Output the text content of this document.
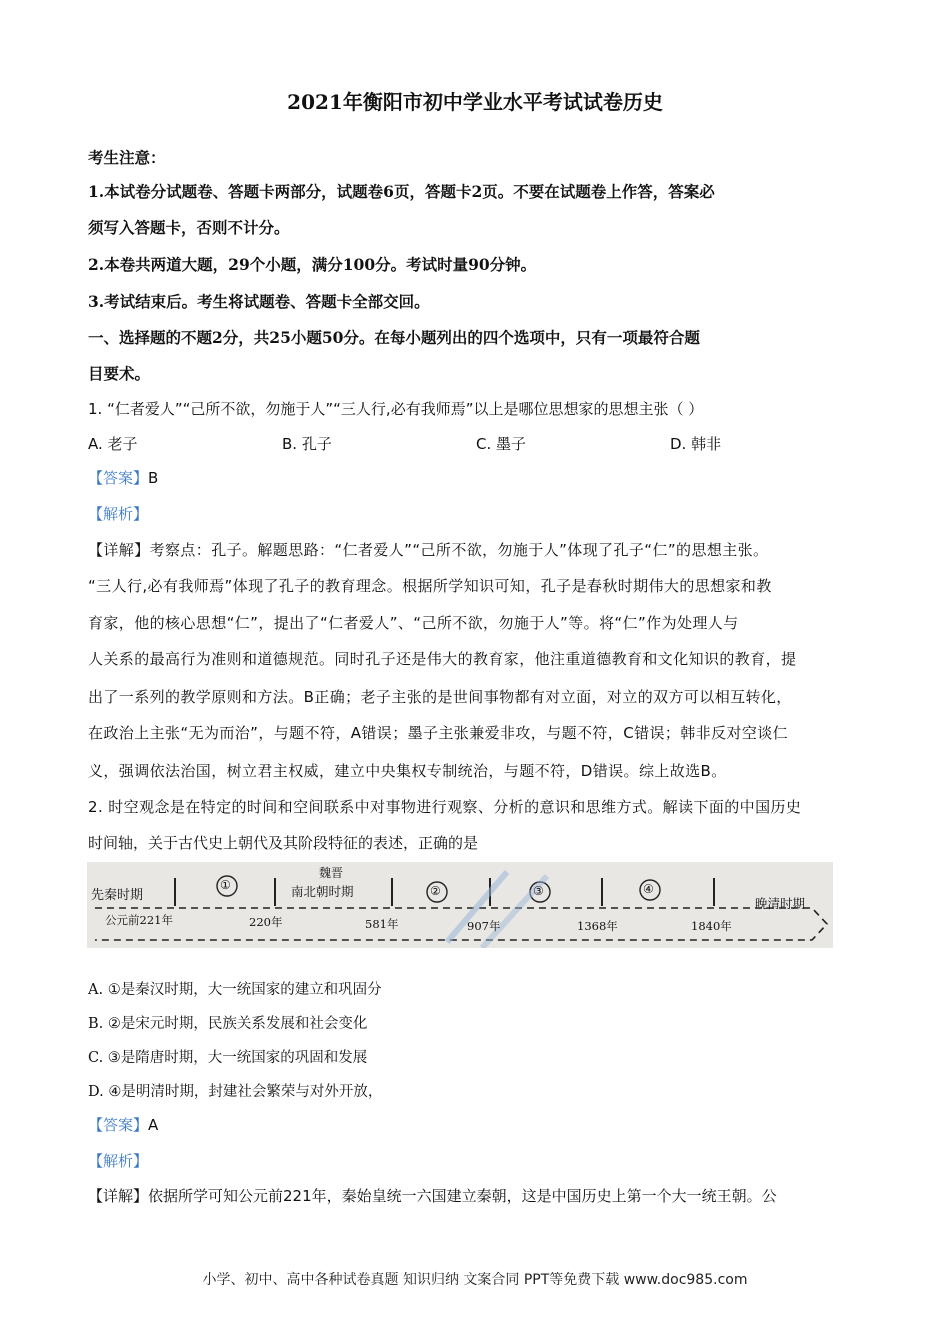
2021年衡阳市初中学业水平考试试卷历史
考生注意：
1.本试卷分试题卷、答题卡两部分，试题卷6页，答题卡2页。不要在试题卷上作答，答案必
须写入答题卡，否则不计分。
2.本卷共两道大题，29个小题，满分100分。考试时量90分钟。
3.考试结束后。考生将试题卷、答题卡全部交回。
一、选择题的不题2分，共25小题50分。在每小题列出的四个选项中，只有一项最符合题
目要术。
1. “仁者爱人”“己所不欲，勿施于人”“三人行,必有我师焉”以上是哪位思想家的思想主张（ ）
A. 老子	B. 孔子	C. 墨子	D. 韩非
【答案】B
【解析】
【详解】考察点：孔子。解题思路：“仁者爱人”“己所不欲，勿施于人”体现了孔子“仁”的思想主张。
“三人行,必有我师焉”体现了孔子的教育理念。根据所学知识可知，孔子是春秋时期伟大的思想家和教
育家，他的核心思想“仁”，提出了“仁者爱人”、“己所不欲，勿施于人”等。将“仁”作为处理人与
人关系的最高行为准则和道德规范。同时孔子还是伟大的教育家，他注重道德教育和文化知识的教育，提
出了一系列的教学原则和方法。B正确；老子主张的是世间事物都有对立面，对立的双方可以相互转化，
在政治上主张“无为而治”，与题不符，A错误；墨子主张兼爱非攻，与题不符，C错误；韩非反对空谈仁
义，强调依法治国，树立君主权威，建立中央集权专制统治，与题不符，D错误。综上故选B。
2. 时空观念是在特定的时间和空间联系中对事物进行观察、分析的意识和思维方式。解读下面的中国历史
时间轴，关于古代史上朝代及其阶段特征的表述，正确的是
先秦时期
①
魏晋
南北朝时期	②	③	④
晚清时期
公元前221年	220年	581年	907年	1368年	1840年
A. ①是秦汉时期，大一统国家的建立和巩固分
B. ②是宋元时期，民族关系发展和社会变化
C. ③是隋唐时期，大一统国家的巩固和发展
D. ④是明清时期，封建社会繁荣与对外开放，
【答案】A
【解析】
【详解】依据所学可知公元前221年，秦始皇统一六国建立秦朝，这是中国历史上第一个大一统王朝。公
小学、初中、高中各种试卷真题 知识归纳 文案合同 PPT等免费下载 www.doc985.com
